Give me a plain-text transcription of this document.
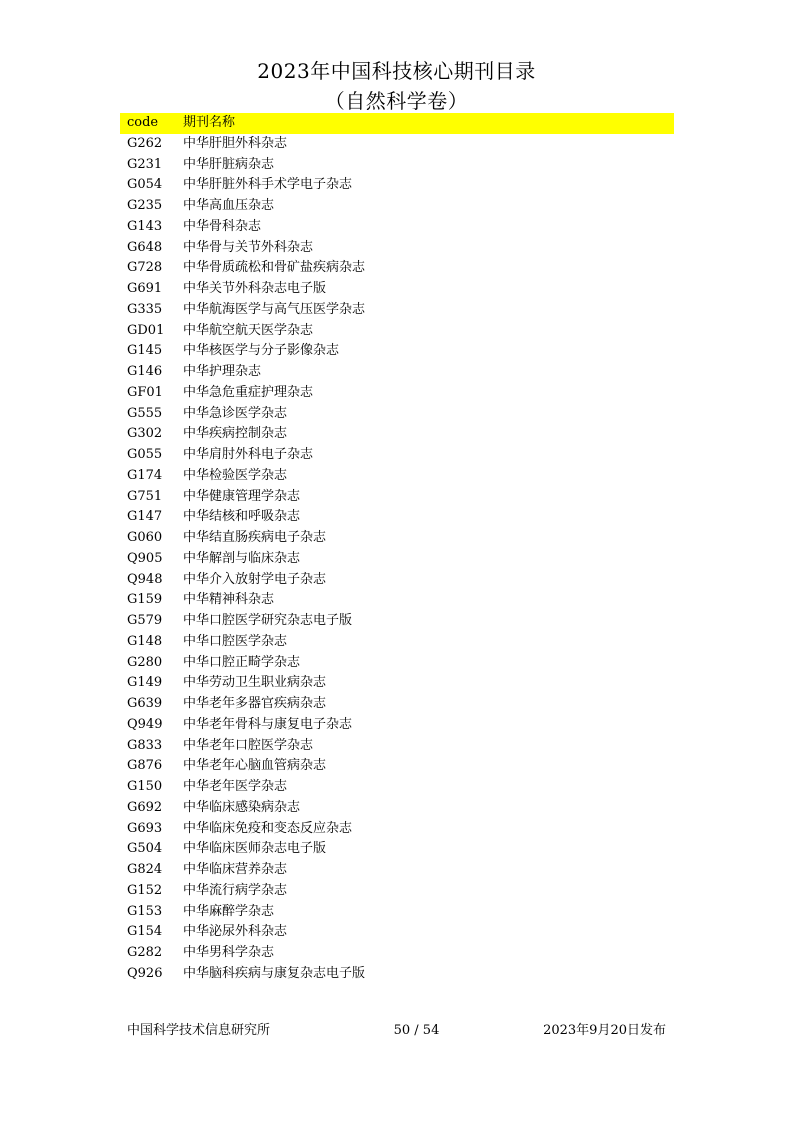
2023年中国科技核心期刊目录
（自然科学卷）
code	期刊名称
G262	中华肝胆外科杂志
G231	中华肝脏病杂志
G054	中华肝脏外科手术学电子杂志
G235	中华高血压杂志
G143	中华骨科杂志
G648	中华骨与关节外科杂志
G728	中华骨质疏松和骨矿盐疾病杂志
G691	中华关节外科杂志电子版
G335	中华航海医学与高气压医学杂志
GD01	中华航空航天医学杂志
G145	中华核医学与分子影像杂志
G146	中华护理杂志
GF01	中华急危重症护理杂志
G555	中华急诊医学杂志
G302	中华疾病控制杂志
G055	中华肩肘外科电子杂志
G174	中华检验医学杂志
G751	中华健康管理学杂志
G147	中华结核和呼吸杂志
G060	中华结直肠疾病电子杂志
Q905	中华解剖与临床杂志
Q948	中华介入放射学电子杂志
G159	中华精神科杂志
G579	中华口腔医学研究杂志电子版
G148	中华口腔医学杂志
G280	中华口腔正畸学杂志
G149	中华劳动卫生职业病杂志
G639	中华老年多器官疾病杂志
Q949	中华老年骨科与康复电子杂志
G833	中华老年口腔医学杂志
G876	中华老年心脑血管病杂志
G150	中华老年医学杂志
G692	中华临床感染病杂志
G693	中华临床免疫和变态反应杂志
G504	中华临床医师杂志电子版
G824	中华临床营养杂志
G152	中华流行病学杂志
G153	中华麻醉学杂志
G154	中华泌尿外科杂志
G282	中华男科学杂志
Q926	中华脑科疾病与康复杂志电子版
中国科学技术信息研究所	50 / 54	2023年9月20日发布
